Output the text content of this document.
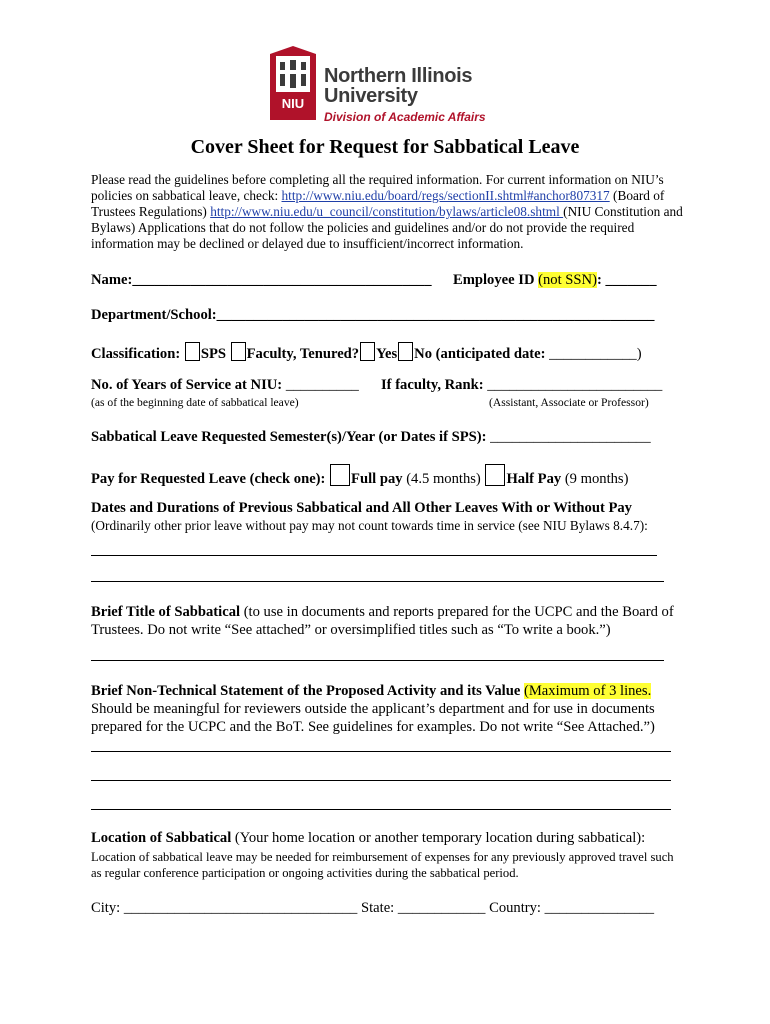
NIU
Northern Illinois
University
Division of Academic Affairs
Cover Sheet for Request for Sabbatical Leave
Please read the guidelines before completing all the required information. For current information on NIU’s policies on sabbatical leave, check: http://www.niu.edu/board/regs/sectionII.shtml#anchor807317 (Board of Trustees Regulations) http://www.niu.edu/u_council/constitution/bylaws/article08.shtml (NIU Constitution and Bylaws) Applications that do not follow the policies and guidelines and/or do not provide the required information may be declined or delayed due to insufficient/incorrect information.
Name:_________________________________________ Employee ID (not SSN): _______
Department/School:____________________________________________________________
Classification: SPS Faculty, Tenured? Yes No (anticipated date: ____________)
No. of Years of Service at NIU: __________ If faculty, Rank: ________________________
(as of the beginning date of sabbatical leave)	(Assistant, Associate or Professor)
Sabbatical Leave Requested Semester(s)/Year (or Dates if SPS): ______________________
Pay for Requested Leave (check one): Full pay (4.5 months) Half Pay (9 months)
Dates and Durations of Previous Sabbatical and All Other Leaves With or Without Pay
(Ordinarily other prior leave without pay may not count towards time in service (see NIU Bylaws 8.4.7):
Brief Title of Sabbatical (to use in documents and reports prepared for the UCPC and the Board of Trustees. Do not write “See attached” or oversimplified titles such as “To write a book.”)
Brief Non-Technical Statement of the Proposed Activity and its Value (Maximum of 3 lines. Should be meaningful for reviewers outside the applicant’s department and for use in documents prepared for the UCPC and the BoT. See guidelines for examples. Do not write “See Attached.”)
Location of Sabbatical (Your home location or another temporary location during sabbatical):
Location of sabbatical leave may be needed for reimbursement of expenses for any previously approved travel such as regular conference participation or ongoing activities during the sabbatical period.
City: ________________________________ State: ____________ Country: _______________
